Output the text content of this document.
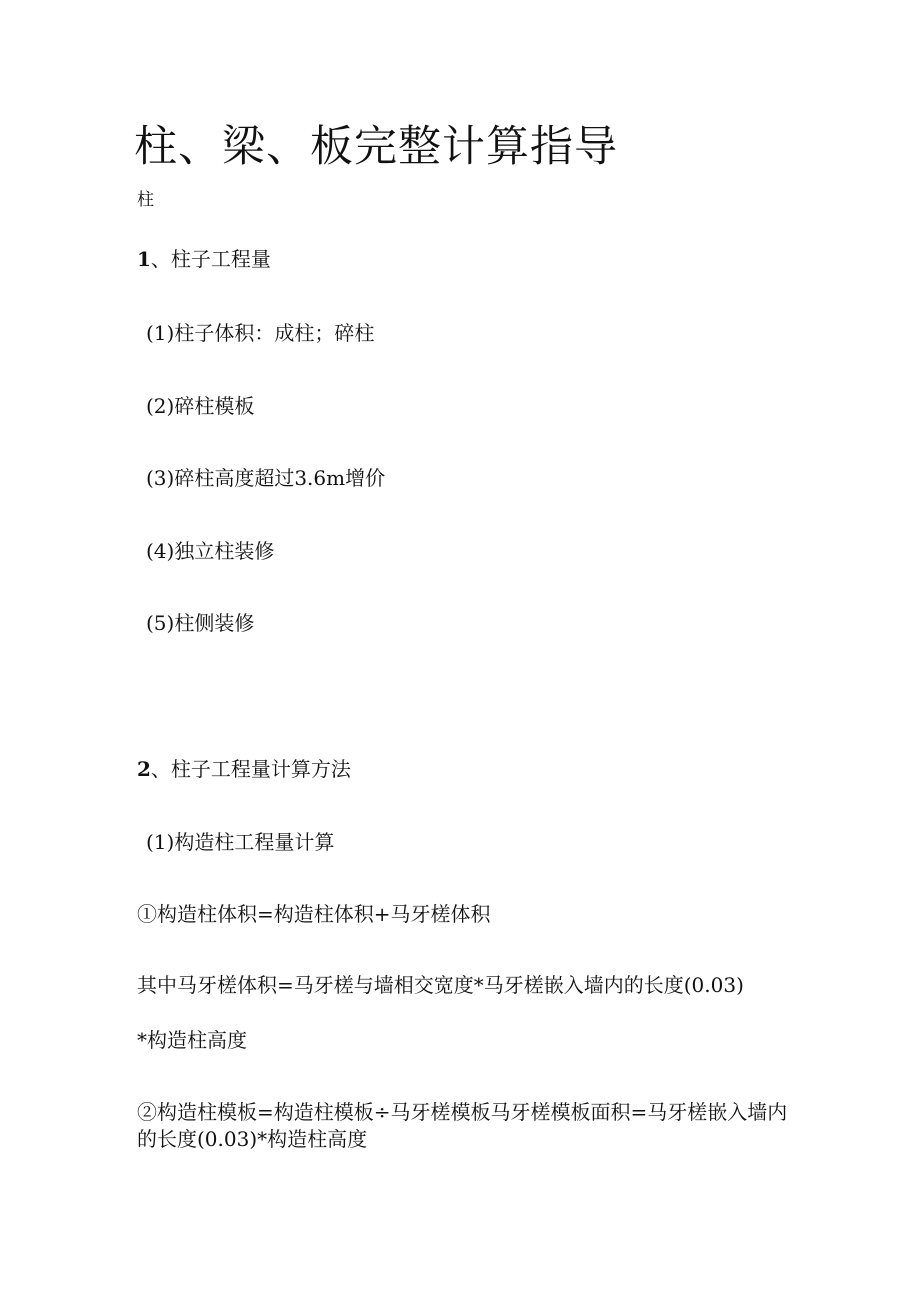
柱、梁、板完整计算指导
柱
1、柱子工程量
(1)柱子体积：成柱；碎柱
(2)碎柱模板
(3)碎柱高度超过3.6m增价
(4)独立柱装修
(5)柱侧装修
2、柱子工程量计算方法
(1)构造柱工程量计算
①构造柱体积=构造柱体积+马牙槎体积
其中马牙槎体积=马牙槎与墙相交宽度*马牙槎嵌入墙内的长度(0.03)
*构造柱高度
②构造柱模板=构造柱模板÷马牙槎模板马牙槎模板面积=马牙槎嵌入墙内
的长度(0.03)*构造柱高度
